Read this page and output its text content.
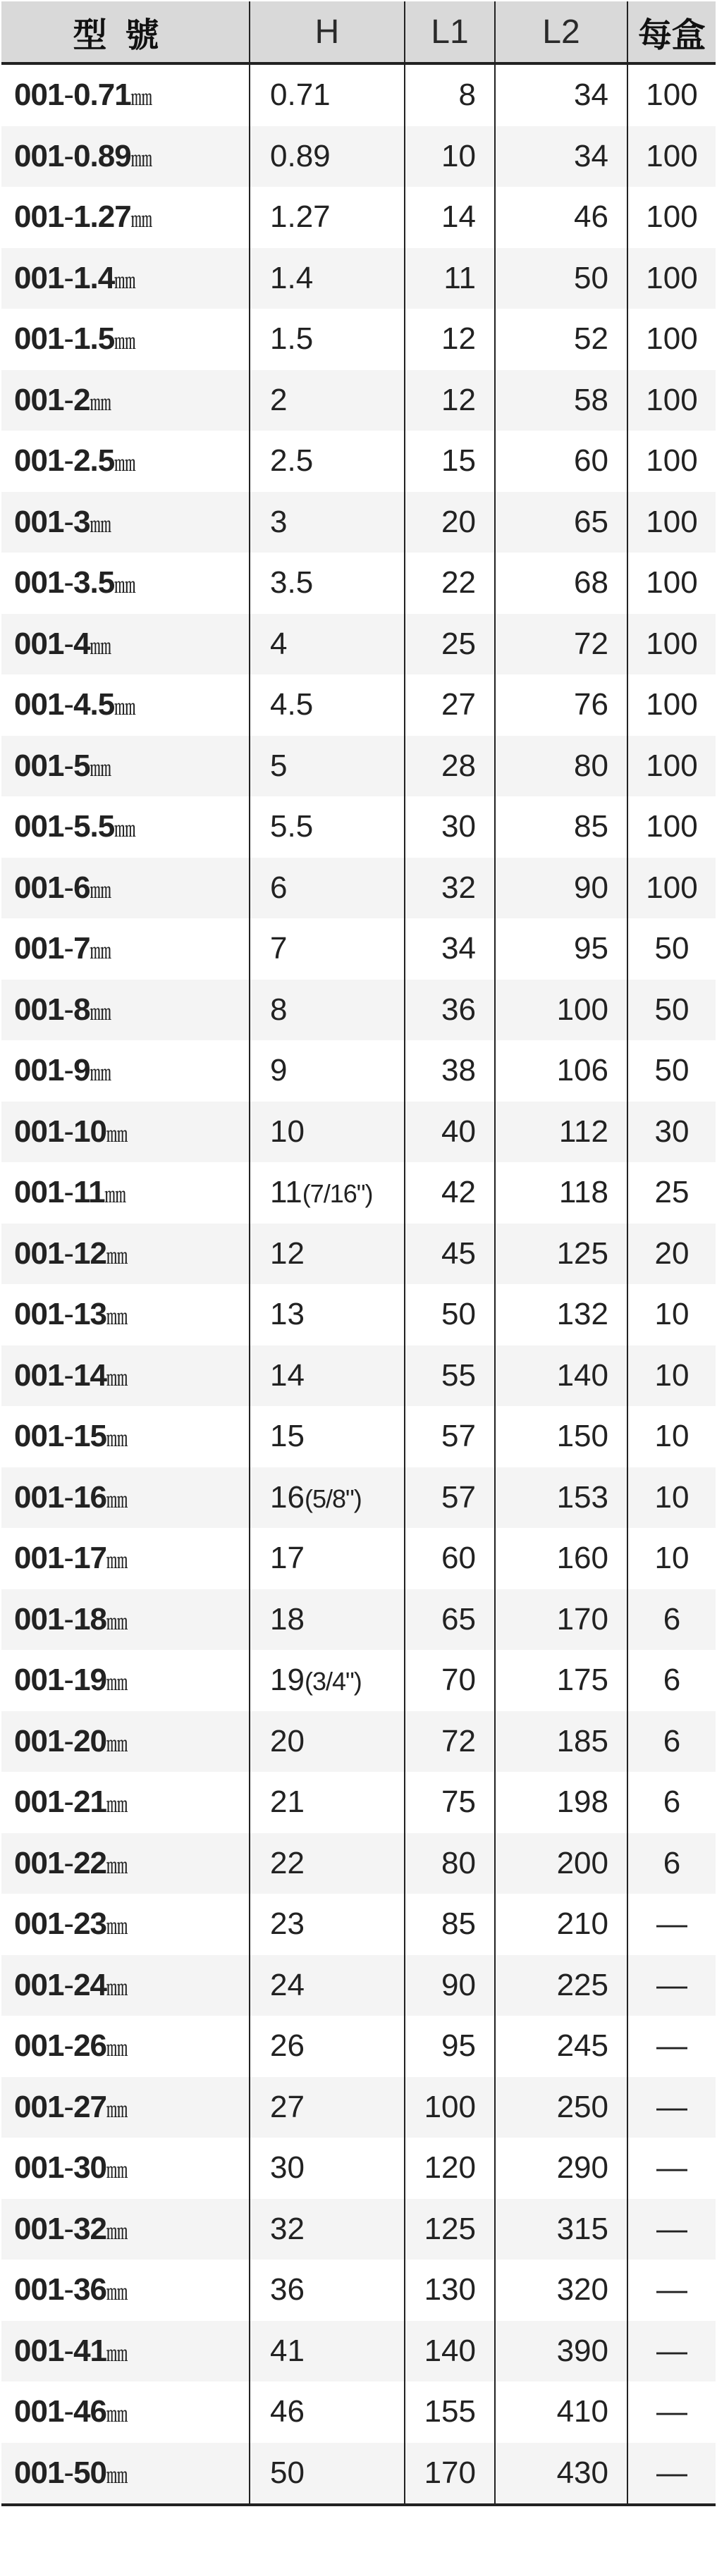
型號	H	L1	L2	每盒
001-0.71㎜	0.71	8	34	100
001-0.89㎜	0.89	10	34	100
001-1.27㎜	1.27	14	46	100
001-1.4㎜	1.4	11	50	100
001-1.5㎜	1.5	12	52	100
001-2㎜	2	12	58	100
001-2.5㎜	2.5	15	60	100
001-3㎜	3	20	65	100
001-3.5㎜	3.5	22	68	100
001-4㎜	4	25	72	100
001-4.5㎜	4.5	27	76	100
001-5㎜	5	28	80	100
001-5.5㎜	5.5	30	85	100
001-6㎜	6	32	90	100
001-7㎜	7	34	95	50
001-8㎜	8	36	100	50
001-9㎜	9	38	106	50
001-10㎜	10	40	112	30
001-11㎜	11(7/16")	42	118	25
001-12㎜	12	45	125	20
001-13㎜	13	50	132	10
001-14㎜	14	55	140	10
001-15㎜	15	57	150	10
001-16㎜	16(5/8")	57	153	10
001-17㎜	17	60	160	10
001-18㎜	18	65	170	6
001-19㎜	19(3/4")	70	175	6
001-20㎜	20	72	185	6
001-21㎜	21	75	198	6
001-22㎜	22	80	200	6
001-23㎜	23	85	210	—
001-24㎜	24	90	225	—
001-26㎜	26	95	245	—
001-27㎜	27	100	250	—
001-30㎜	30	120	290	—
001-32㎜	32	125	315	—
001-36㎜	36	130	320	—
001-41㎜	41	140	390	—
001-46㎜	46	155	410	—
001-50㎜	50	170	430	—
